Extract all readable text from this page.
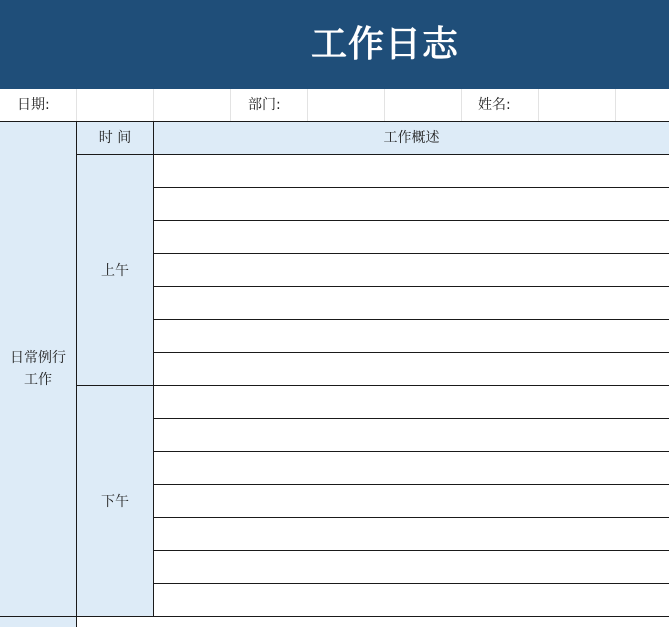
工作日志
日期:	部门:	姓名:
时 间	工作概述
日常例行
工作
上午
下午
